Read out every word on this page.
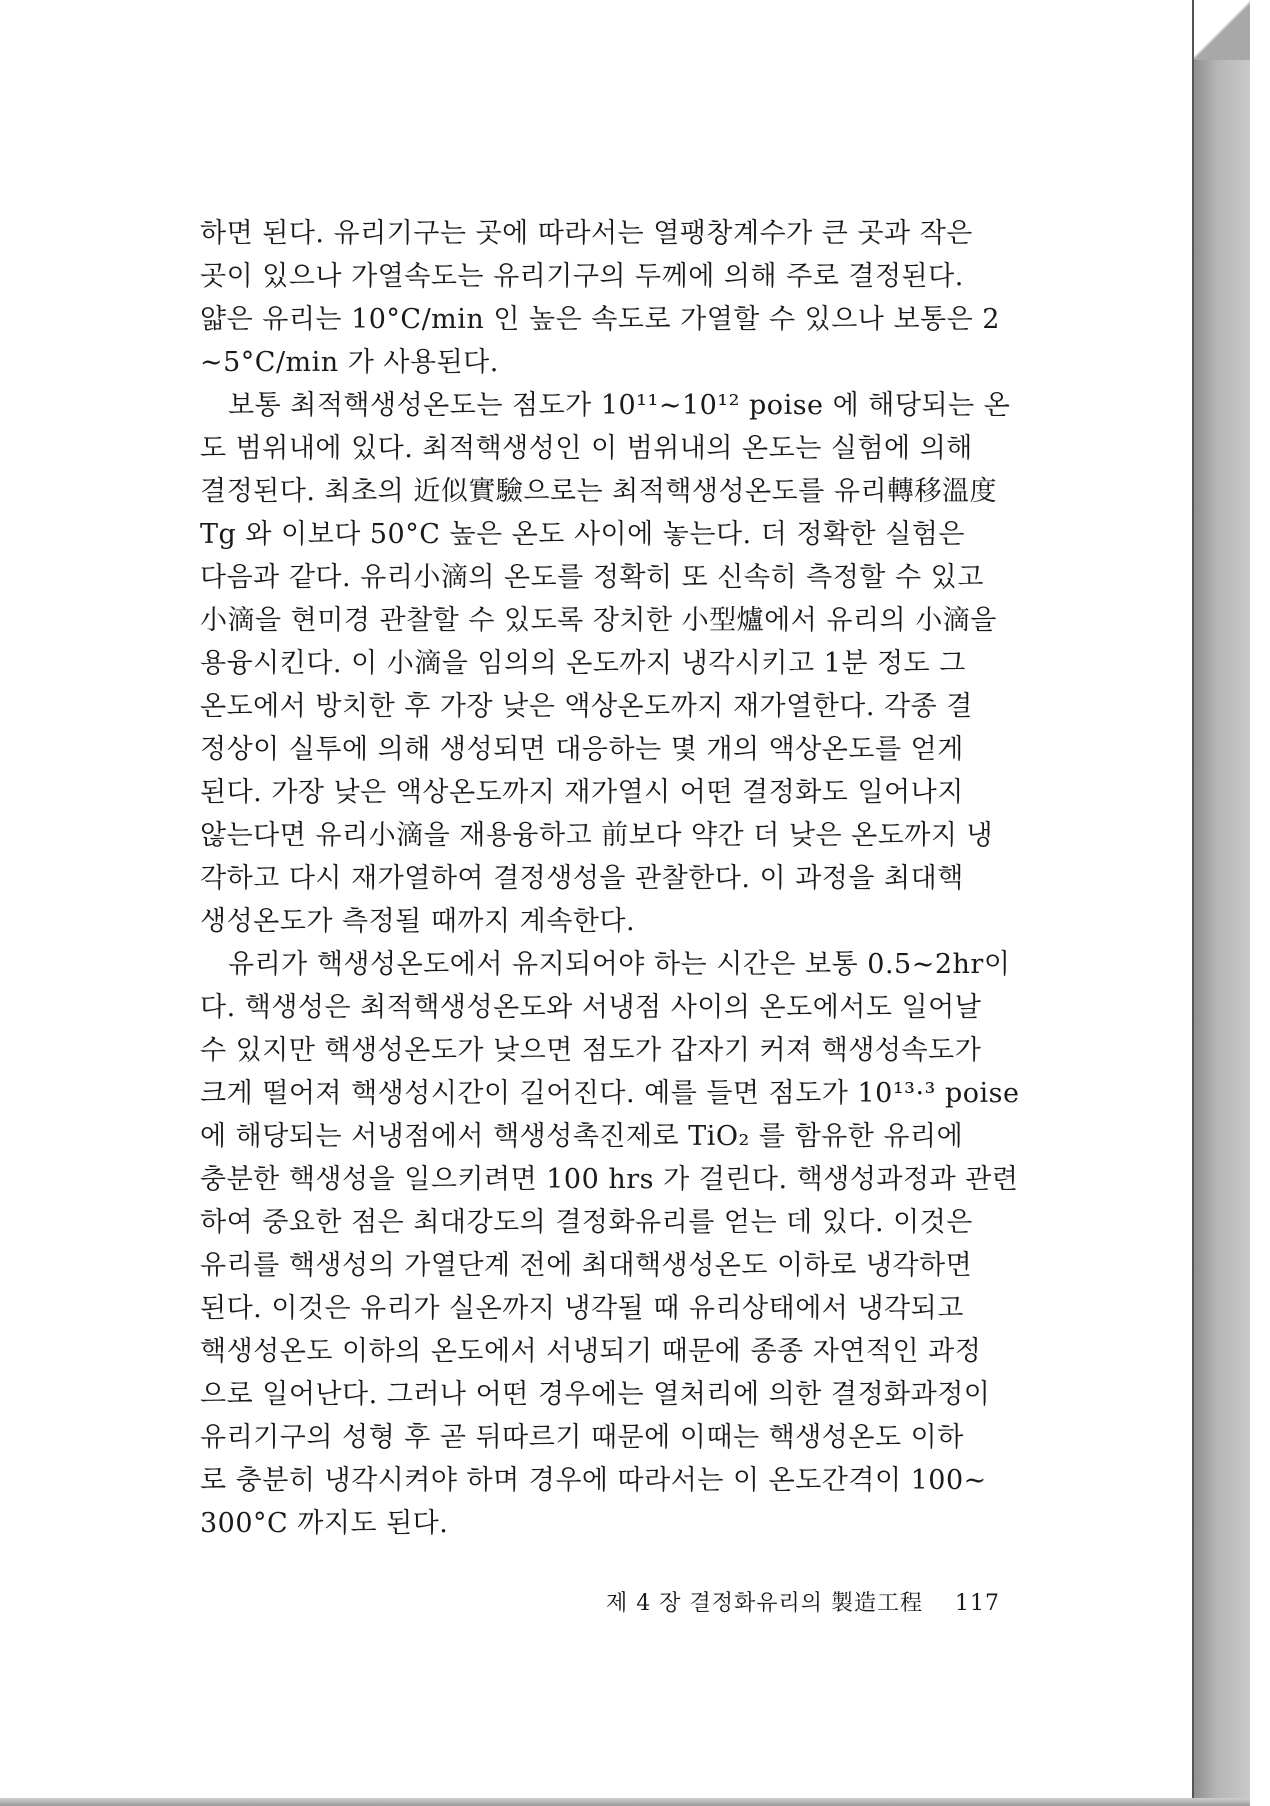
하면 된다. 유리기구는 곳에 따라서는 열팽창계수가 큰 곳과 작은
곳이 있으나 가열속도는 유리기구의 두께에 의해 주로 결정된다.
얇은 유리는 10°C/min 인 높은 속도로 가열할 수 있으나 보통은 2
∼5°C/min 가 사용된다.
보통 최적핵생성온도는 점도가 10¹¹∼10¹² poise 에 해당되는 온
도 범위내에 있다. 최적핵생성인 이 범위내의 온도는 실험에 의해
결정된다. 최초의 近似實驗으로는 최적핵생성온도를 유리轉移溫度
Tg 와 이보다 50°C 높은 온도 사이에 놓는다. 더 정확한 실험은
다음과 같다. 유리小滴의 온도를 정확히 또 신속히 측정할 수 있고
小滴을 현미경 관찰할 수 있도록 장치한 小型爐에서 유리의 小滴을
용융시킨다. 이 小滴을 임의의 온도까지 냉각시키고 1분 정도 그
온도에서 방치한 후 가장 낮은 액상온도까지 재가열한다. 각종 결
정상이 실투에 의해 생성되면 대응하는 몇 개의 액상온도를 얻게
된다. 가장 낮은 액상온도까지 재가열시 어떤 결정화도 일어나지
않는다면 유리小滴을 재용융하고 前보다 약간 더 낮은 온도까지 냉
각하고 다시 재가열하여 결정생성을 관찰한다. 이 과정을 최대핵
생성온도가 측정될 때까지 계속한다.
유리가 핵생성온도에서 유지되어야 하는 시간은 보통 0.5∼2hr이
다. 핵생성은 최적핵생성온도와 서냉점 사이의 온도에서도 일어날
수 있지만 핵생성온도가 낮으면 점도가 갑자기 커져 핵생성속도가
크게 떨어져 핵생성시간이 길어진다. 예를 들면 점도가 10¹³·³ poise
에 해당되는 서냉점에서 핵생성촉진제로 TiO₂ 를 함유한 유리에
충분한 핵생성을 일으키려면 100 hrs 가 걸린다. 핵생성과정과 관련
하여 중요한 점은 최대강도의 결정화유리를 얻는 데 있다. 이것은
유리를 핵생성의 가열단계 전에 최대핵생성온도 이하로 냉각하면
된다. 이것은 유리가 실온까지 냉각될 때 유리상태에서 냉각되고
핵생성온도 이하의 온도에서 서냉되기 때문에 종종 자연적인 과정
으로 일어난다. 그러나 어떤 경우에는 열처리에 의한 결정화과정이
유리기구의 성형 후 곧 뒤따르기 때문에 이때는 핵생성온도 이하
로 충분히 냉각시켜야 하며 경우에 따라서는 이 온도간격이 100∼
300°C 까지도 된다.
제 4 장 결정화유리의 製造工程 117
